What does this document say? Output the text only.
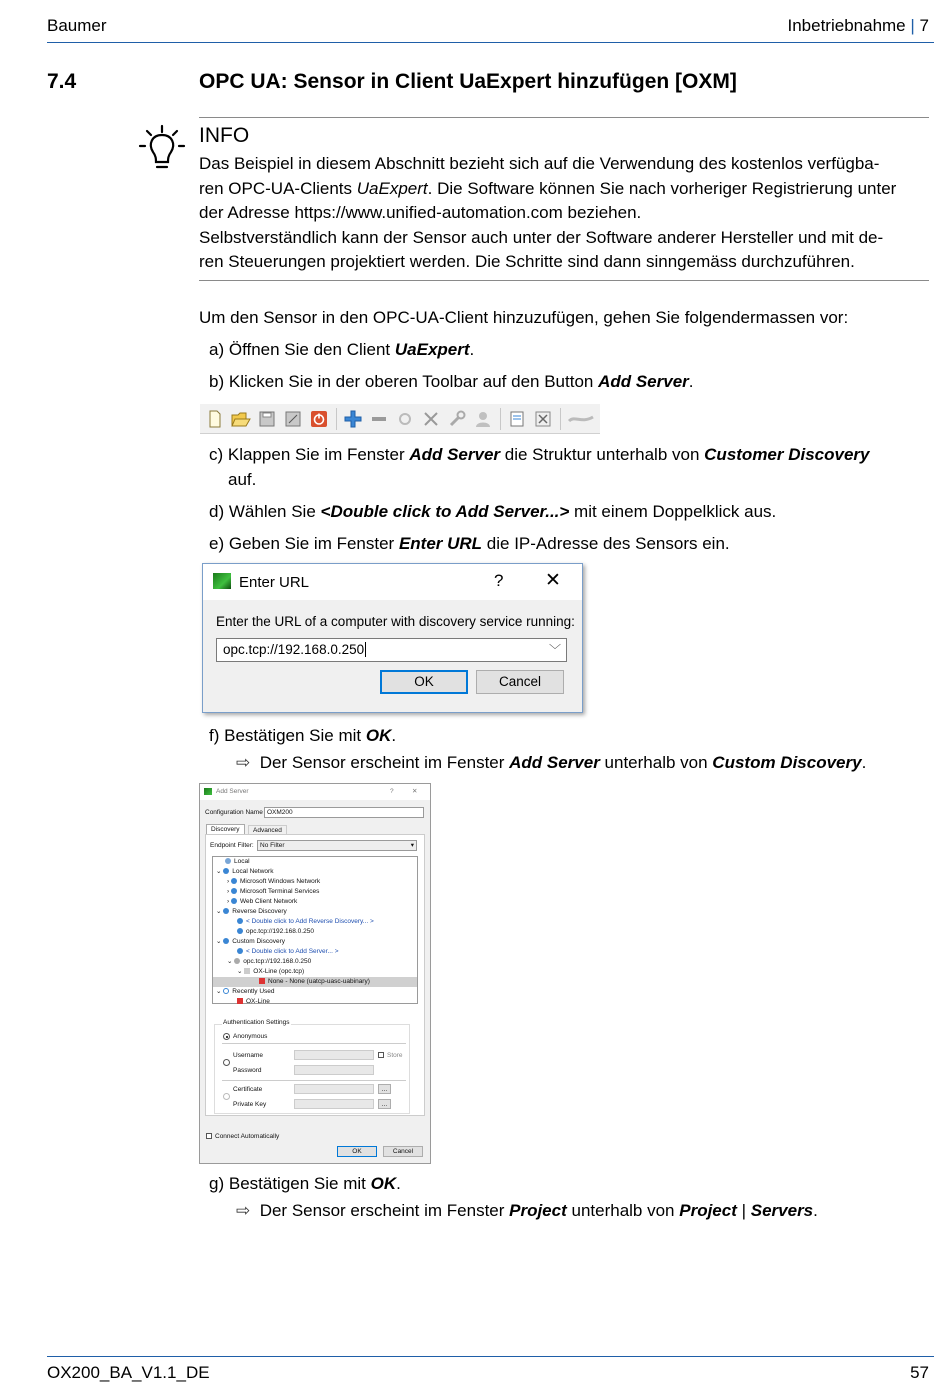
Baumer	Inbetriebnahme | 7
7.4	OPC UA: Sensor in Client UaExpert hinzufügen [OXM]
INFO
Das Beispiel in diesem Abschnitt bezieht sich auf die Verwendung des kostenlos verfügba-
ren OPC-UA-Clients UaExpert. Die Software können Sie nach vorheriger Registrierung unter
der Adresse https://www.unified-automation.com beziehen.
Selbstverständlich kann der Sensor auch unter der Software anderer Hersteller und mit de-
ren Steuerungen projektiert werden. Die Schritte sind dann sinngemäss durchzuführen.
Um den Sensor in den OPC-UA-Client hinzuzufügen, gehen Sie folgendermassen vor:
a) Öffnen Sie den Client UaExpert.
b) Klicken Sie in der oberen Toolbar auf den Button Add Server.
c) Klappen Sie im Fenster Add Server die Struktur unterhalb von Customer Discovery
auf.
d) Wählen Sie <Double click to Add Server...> mit einem Doppelklick aus.
e) Geben Sie im Fenster Enter URL die IP-Adresse des Sensors ein.
Enter URL	? ✕
Enter the URL of a computer with discovery service running:
opc.tcp://192.168.0.250	﹀
OK	Cancel
f) Bestätigen Sie mit OK.
⇨ Der Sensor erscheint im Fenster Add Server unterhalb von Custom Discovery.
Add Server	?	✕
Configuration Name OXM200
Discovery	Advanced
Endpoint Filter: No Filter	▾
Local
⌄ Local Network
› Microsoft Windows Network
› Microsoft Terminal Services
› Web Client Network
⌄ Reverse Discovery
< Double click to Add Reverse Discovery... >
opc.tcp://192.168.0.250
⌄ Custom Discovery
< Double click to Add Server... >
⌄ opc.tcp://192.168.0.250
⌄ OX-Line (opc.tcp)
None - None (uatcp-uasc-uabinary)
⌄ Recently Used
OX-Line
Authentication Settings
Anonymous
Username	Store
Password
Certificate	...
Private Key	...
Connect Automatically
OK	Cancel
g) Bestätigen Sie mit OK.
⇨ Der Sensor erscheint im Fenster Project unterhalb von Project | Servers.
OX200_BA_V1.1_DE	57
